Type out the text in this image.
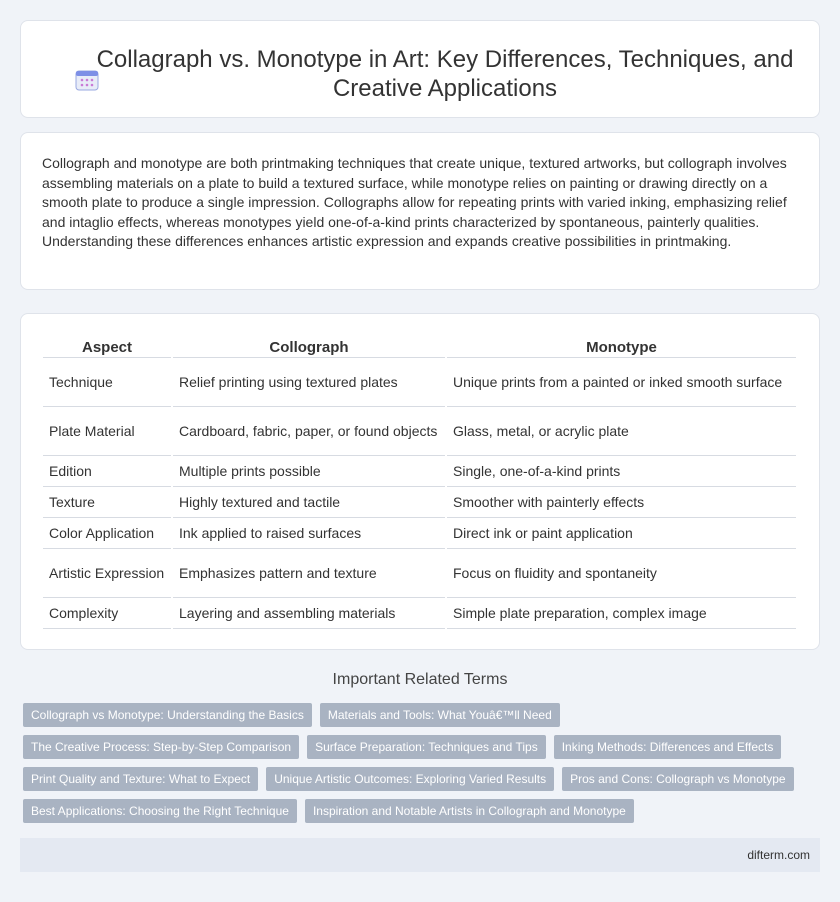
Collagraph vs. Monotype in Art: Key Differences, Techniques, and Creative Applications

Collograph and monotype are both printmaking techniques that create unique, textured artworks, but collograph involves assembling materials on a plate to build a textured surface, while monotype relies on painting or drawing directly on a smooth plate to produce a single impression. Collographs allow for repeating prints with varied inking, emphasizing relief and intaglio effects, whereas monotypes yield one-of-a-kind prints characterized by spontaneous, painterly qualities. Understanding these differences enhances artistic expression and expands creative possibilities in printmaking.

Aspect	Collograph	Monotype
Technique	Relief printing using textured plates	Unique prints from a painted or inked smooth surface
Plate Material	Cardboard, fabric, paper, or found objects	Glass, metal, or acrylic plate
Edition	Multiple prints possible	Single, one-of-a-kind prints
Texture	Highly textured and tactile	Smoother with painterly effects
Color Application	Ink applied to raised surfaces	Direct ink or paint application
Artistic Expression	Emphasizes pattern and texture	Focus on fluidity and spontaneity
Complexity	Layering and assembling materials	Simple plate preparation, complex image
Important Related Terms
Collograph vs Monotype: Understanding the Basics	Materials and Tools: What Youâ€™ll Need
The Creative Process: Step-by-Step Comparison	Surface Preparation: Techniques and Tips	Inking Methods: Differences and Effects
Print Quality and Texture: What to Expect	Unique Artistic Outcomes: Exploring Varied Results	Pros and Cons: Collograph vs Monotype
Best Applications: Choosing the Right Technique	Inspiration and Notable Artists in Collograph and Monotype
difterm.com
